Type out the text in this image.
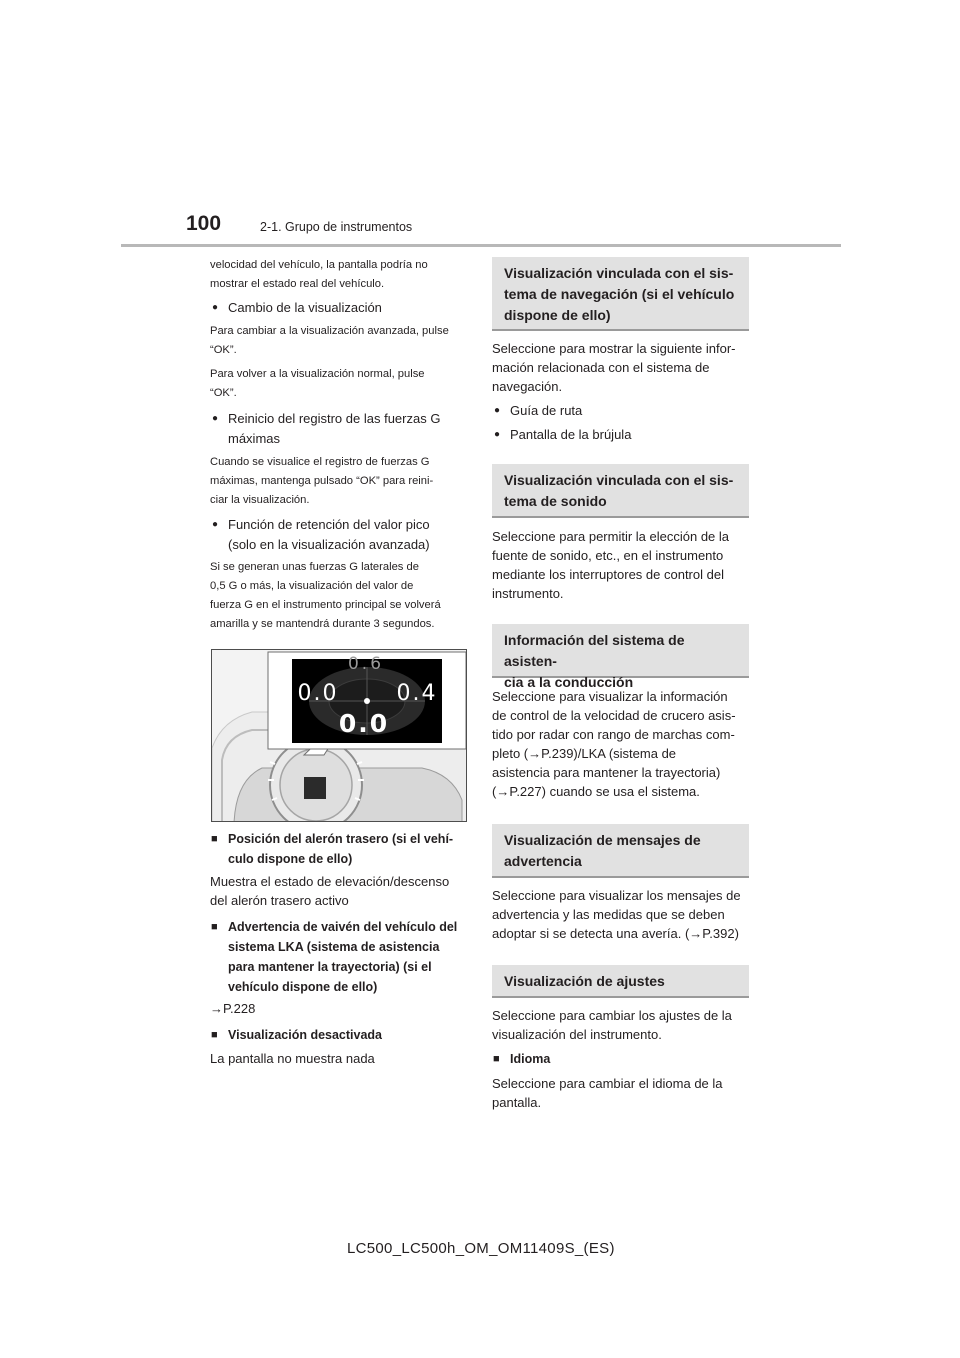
100	2-1. Grupo de instrumentos

velocidad del vehículo, la pantalla podría no

mostrar el estado real del vehículo.

● Cambio de la visualización

Para cambiar a la visualización avanzada, pulse

“OK”.

Para volver a la visualización normal, pulse

“OK”.

● Reinicio del registro de las fuerzas G
máximas

Cuando se visualice el registro de fuerzas G

máximas, mantenga pulsado “OK” para reini-

ciar la visualización.

● Función de retención del valor pico
(solo en la visualización avanzada)

Si se generan unas fuerzas G laterales de

0,5 G o más, la visualización del valor de

fuerza G en el instrumento principal se volverá

amarilla y se mantendrá durante 3 segundos.

0.6
0.0	0.4
0.0

■ Posición del alerón trasero (si el vehí-
culo dispone de ello)

Muestra el estado de elevación/descenso

del alerón trasero activo

■ Advertencia de vaivén del vehículo del
sistema LKA (sistema de asistencia
para mantener la trayectoria) (si el
vehículo dispone de ello)

→P.228

■ Visualización desactivada

La pantalla no muestra nada

Visualización vinculada con el sis-
tema de navegación (si el vehículo
dispone de ello)

Seleccione para mostrar la siguiente infor-

mación relacionada con el sistema de

navegación.

● Guía de ruta

● Pantalla de la brújula

Visualización vinculada con el sis-
tema de sonido

Seleccione para permitir la elección de la

fuente de sonido, etc., en el instrumento

mediante los interruptores de control del

instrumento.

Información del sistema de asisten-
cia a la conducción

Seleccione para visualizar la información

de control de la velocidad de crucero asis-

tido por radar con rango de marchas com-

pleto (→P.239)/LKA (sistema de

asistencia para mantener la trayectoria)

(→P.227) cuando se usa el sistema.

Visualización de mensajes de
advertencia

Seleccione para visualizar los mensajes de

advertencia y las medidas que se deben

adoptar si se detecta una avería. (→P.392)

Visualización de ajustes

Seleccione para cambiar los ajustes de la

visualización del instrumento.

■ Idioma

Seleccione para cambiar el idioma de la

pantalla.

LC500_LC500h_OM_OM11409S_(ES)
